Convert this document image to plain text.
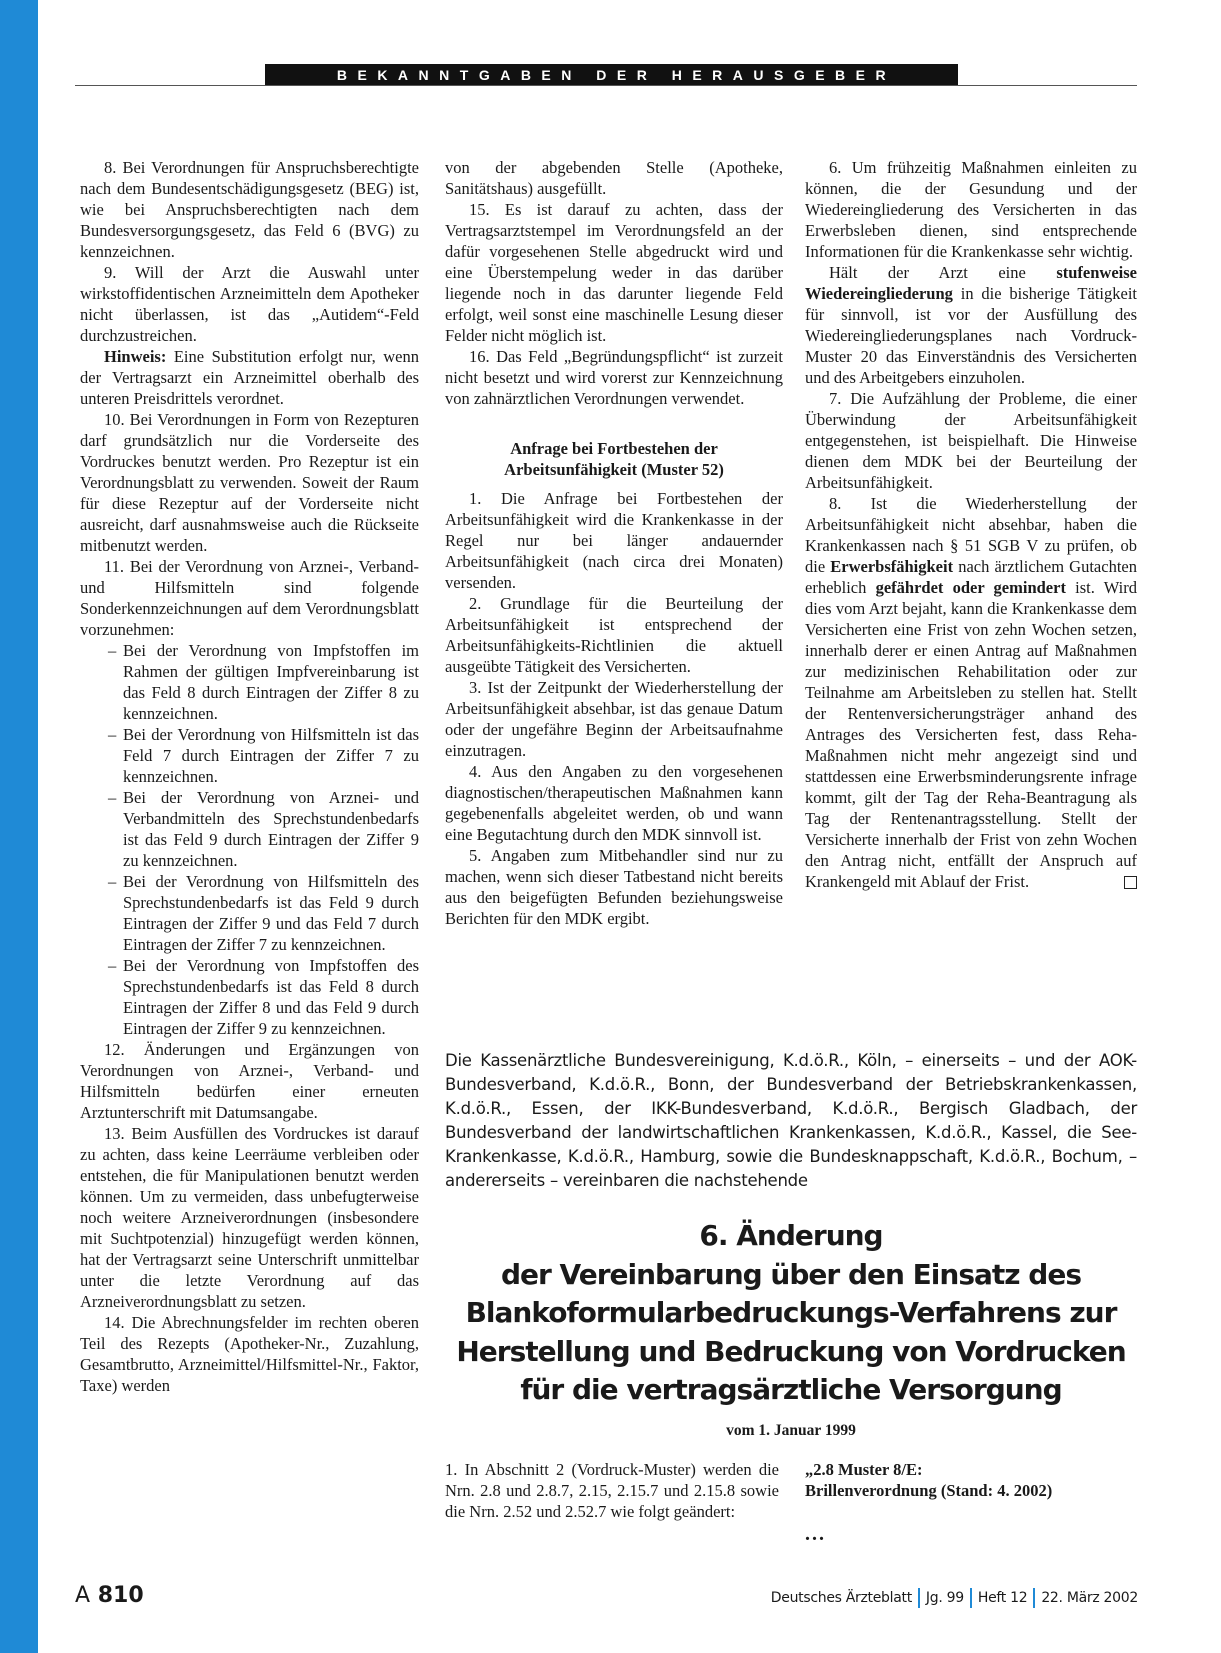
BEKANNTGABEN DER HERAUSGEBER

8. Bei Verordnungen für Anspruchsberechtigte nach dem Bundesentschädigungsgesetz (BEG) ist, wie bei Anspruchsberechtigten nach dem Bundesversorgungsgesetz, das Feld 6 (BVG) zu kennzeichnen.

9. Will der Arzt die Auswahl unter wirkstoffidentischen Arzneimitteln dem Apotheker nicht überlassen, ist das „Autidem“-Feld durchzustreichen.

Hinweis: Eine Substitution erfolgt nur, wenn der Vertragsarzt ein Arzneimittel oberhalb des unteren Preisdrittels verordnet.

10. Bei Verordnungen in Form von Rezepturen darf grundsätzlich nur die Vorderseite des Vordruckes benutzt werden. Pro Rezeptur ist ein Verordnungsblatt zu verwenden. Soweit der Raum für diese Rezeptur auf der Vorderseite nicht ausreicht, darf ausnahmsweise auch die Rückseite mitbenutzt werden.

11. Bei der Verordnung von Arznei-, Verband- und Hilfsmitteln sind folgende Sonderkennzeichnungen auf dem Verordnungsblatt vorzunehmen:

– Bei der Verordnung von Impfstoffen im Rahmen der gültigen Impfvereinbarung ist das Feld 8 durch Eintragen der Ziffer 8 zu kennzeichnen.
– Bei der Verordnung von Hilfsmitteln ist das Feld 7 durch Eintragen der Ziffer 7 zu kennzeichnen.
– Bei der Verordnung von Arznei- und Verbandmitteln des Sprechstundenbedarfs ist das Feld 9 durch Eintragen der Ziffer 9 zu kennzeichnen.
– Bei der Verordnung von Hilfsmitteln des Sprechstundenbedarfs ist das Feld 9 durch Eintragen der Ziffer 9 und das Feld 7 durch Eintragen der Ziffer 7 zu kennzeichnen.
– Bei der Verordnung von Impfstoffen des Sprechstundenbedarfs ist das Feld 8 durch Eintragen der Ziffer 8 und das Feld 9 durch Eintragen der Ziffer 9 zu kennzeichnen.

12. Änderungen und Ergänzungen von Verordnungen von Arznei-, Verband- und Hilfsmitteln bedürfen einer erneuten Arztunterschrift mit Datumsangabe.

13. Beim Ausfüllen des Vordruckes ist darauf zu achten, dass keine Leerräume verbleiben oder entstehen, die für Manipulationen benutzt werden können. Um zu vermeiden, dass unbefugterweise noch weitere Arzneiverordnungen (insbesondere mit Suchtpotenzial) hinzugefügt werden können, hat der Vertragsarzt seine Unterschrift unmittelbar unter die letzte Verordnung auf das Arzneiverordnungsblatt zu setzen.

14. Die Abrechnungsfelder im rechten oberen Teil des Rezepts (Apotheker-Nr., Zuzahlung, Gesamtbrutto, Arzneimittel/Hilfsmittel-Nr., Faktor, Taxe) werden

von der abgebenden Stelle (Apotheke, Sanitätshaus) ausgefüllt.

15. Es ist darauf zu achten, dass der Vertragsarztstempel im Verordnungsfeld an der dafür vorgesehenen Stelle abgedruckt wird und eine Überstempelung weder in das darüber liegende noch in das darunter liegende Feld erfolgt, weil sonst eine maschinelle Lesung dieser Felder nicht möglich ist.

16. Das Feld „Begründungspflicht“ ist zurzeit nicht besetzt und wird vorerst zur Kennzeichnung von zahnärztlichen Verordnungen verwendet.

Anfrage bei Fortbestehen der
Arbeitsunfähigkeit (Muster 52)

1. Die Anfrage bei Fortbestehen der Arbeitsunfähigkeit wird die Krankenkasse in der Regel nur bei länger andauernder Arbeitsunfähigkeit (nach circa drei Monaten) versenden.

2. Grundlage für die Beurteilung der Arbeitsunfähigkeit ist entsprechend der Arbeitsunfähigkeits-Richtlinien die aktuell ausgeübte Tätigkeit des Versicherten.

3. Ist der Zeitpunkt der Wiederherstellung der Arbeitsunfähigkeit absehbar, ist das genaue Datum oder der ungefähre Beginn der Arbeitsaufnahme einzutragen.

4. Aus den Angaben zu den vorgesehenen diagnostischen/therapeutischen Maßnahmen kann gegebenenfalls abgeleitet werden, ob und wann eine Begutachtung durch den MDK sinnvoll ist.

5. Angaben zum Mitbehandler sind nur zu machen, wenn sich dieser Tatbestand nicht bereits aus den beigefügten Befunden beziehungsweise Berichten für den MDK ergibt.

6. Um frühzeitig Maßnahmen einleiten zu können, die der Gesundung und der Wiedereingliederung des Versicherten in das Erwerbsleben dienen, sind entsprechende Informationen für die Krankenkasse sehr wichtig.

Hält der Arzt eine stufenweise Wiedereingliederung in die bisherige Tätigkeit für sinnvoll, ist vor der Ausfüllung des Wiedereingliederungsplanes nach Vordruck-Muster 20 das Einverständnis des Versicherten und des Arbeitgebers einzuholen.

7. Die Aufzählung der Probleme, die einer Überwindung der Arbeitsunfähigkeit entgegenstehen, ist beispielhaft. Die Hinweise dienen dem MDK bei der Beurteilung der Arbeitsunfähigkeit.

8. Ist die Wiederherstellung der Arbeitsunfähigkeit nicht absehbar, haben die Krankenkassen nach § 51 SGB V zu prüfen, ob die Erwerbsfähigkeit nach ärztlichem Gutachten erheblich gefährdet oder gemindert ist. Wird dies vom Arzt bejaht, kann die Krankenkasse dem Versicherten eine Frist von zehn Wochen setzen, innerhalb derer er einen Antrag auf Maßnahmen zur medizinischen Rehabilitation oder zur Teilnahme am Arbeitsleben zu stellen hat. Stellt der Rentenversicherungsträger anhand des Antrages des Versicherten fest, dass Reha-Maßnahmen nicht mehr angezeigt sind und stattdessen eine Erwerbsminderungsrente infrage kommt, gilt der Tag der Reha-Beantragung als Tag der Rentenantragsstellung. Stellt der Versicherte innerhalb der Frist von zehn Wochen den Antrag nicht, entfällt der Anspruch auf Krankengeld mit Ablauf der Frist.

Die Kassenärztliche Bundesvereinigung, K.d.ö.R., Köln, – einerseits – und der AOK-Bundesverband, K.d.ö.R., Bonn, der Bundesverband der Betriebskrankenkassen, K.d.ö.R., Essen, der IKK-Bundesverband, K.d.ö.R., Bergisch Gladbach, der Bundesverband der landwirtschaftlichen Krankenkassen, K.d.ö.R., Kassel, die See-Krankenkasse, K.d.ö.R., Hamburg, sowie die Bundesknappschaft, K.d.ö.R., Bochum, – andererseits – vereinbaren die nachstehende
6. Änderung
der Vereinbarung über den Einsatz des
Blankoformularbedruckungs-Verfahrens zur
Herstellung und Bedruckung von Vordrucken
für die vertragsärztliche Versorgung
vom 1. Januar 1999
1. In Abschnitt 2 (Vordruck-Muster) werden die Nrn. 2.8 und 2.8.7, 2.15, 2.15.7 und 2.15.8 sowie die Nrn. 2.52 und 2.52.7 wie folgt geändert:
„2.8 Muster 8/E:
Brillenverordnung (Stand: 4. 2002)
...
A 810	Deutsches Ärzteblatt Jg. 99 Heft 12 22. März 2002
